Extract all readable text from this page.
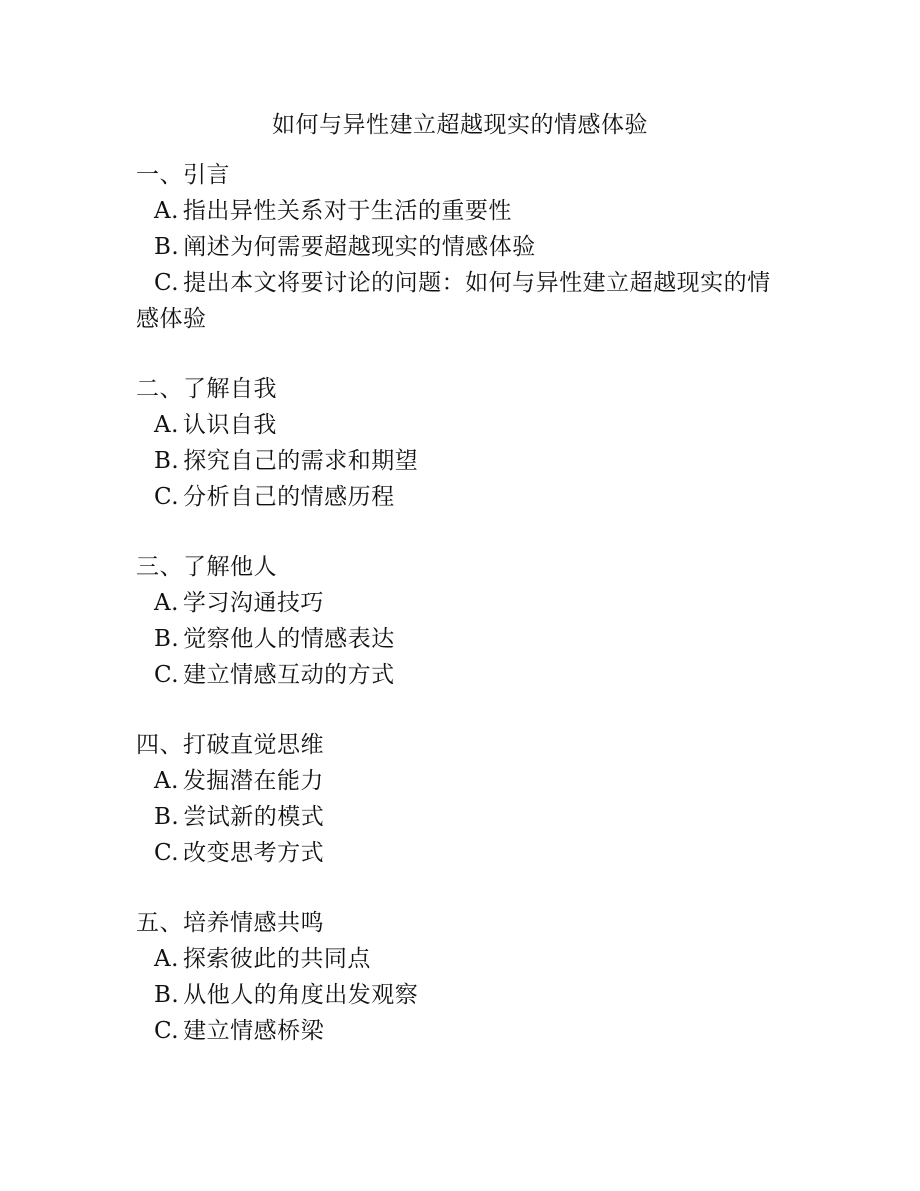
如何与异性建立超越现实的情感体验
一、引言
A. 指出异性关系对于生活的重要性
B. 阐述为何需要超越现实的情感体验
C. 提出本文将要讨论的问题：如何与异性建立超越现实的情
感体验
二、了解自我
A. 认识自我
B. 探究自己的需求和期望
C. 分析自己的情感历程
三、了解他人
A. 学习沟通技巧
B. 觉察他人的情感表达
C. 建立情感互动的方式
四、打破直觉思维
A. 发掘潜在能力
B. 尝试新的模式
C. 改变思考方式
五、培养情感共鸣
A. 探索彼此的共同点
B. 从他人的角度出发观察
C. 建立情感桥梁
